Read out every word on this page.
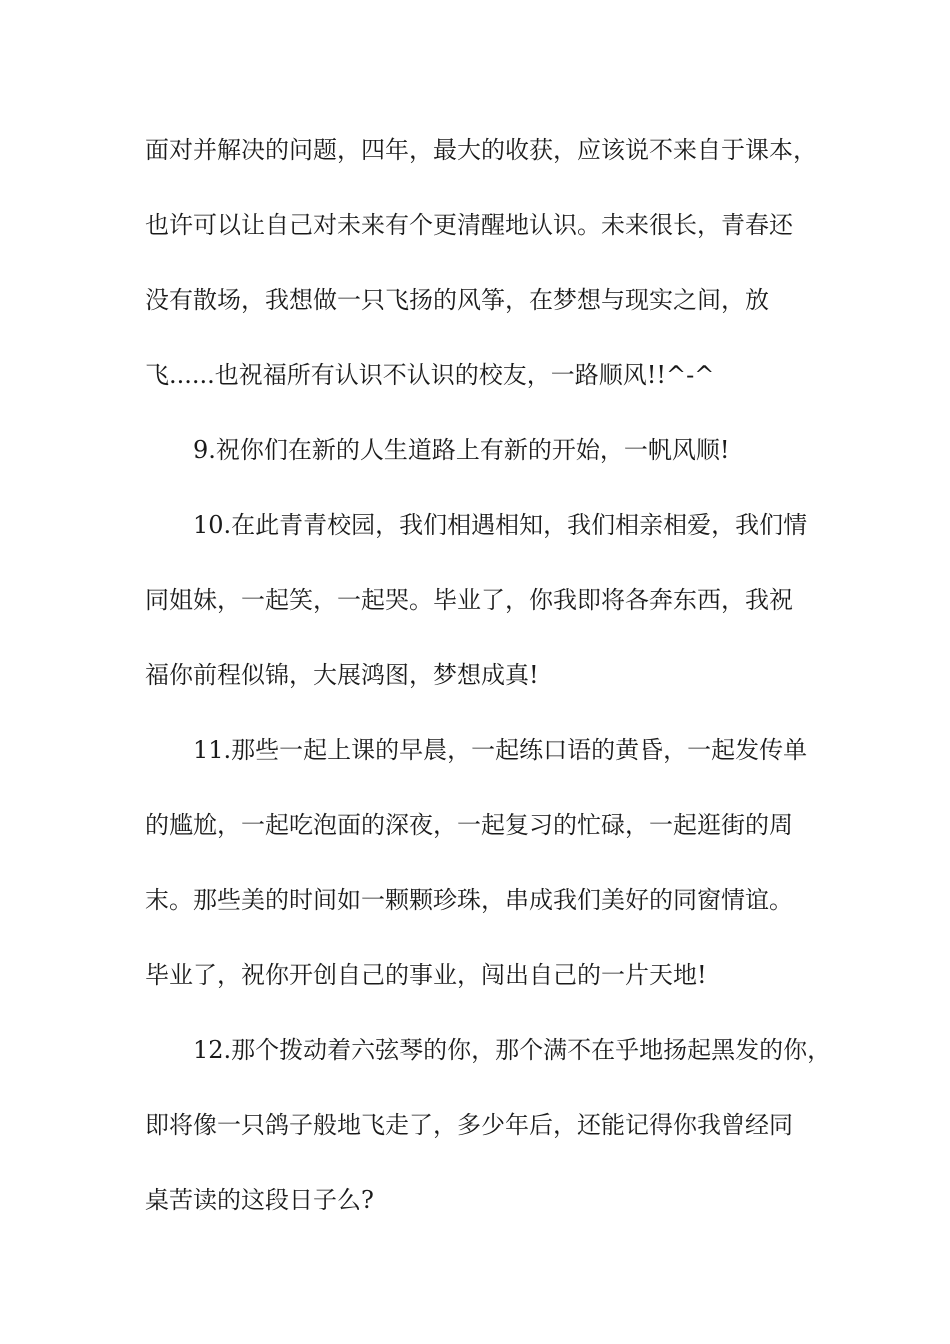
面对并解决的问题，四年，最大的收获，应该说不来自于课本，

也许可以让自己对未来有个更清醒地认识。未来很长，青春还

没有散场，我想做一只飞扬的风筝，在梦想与现实之间，放

飞......也祝福所有认识不认识的校友，一路顺风!!^-^

9.祝你们在新的人生道路上有新的开始，一帆风顺!

10.在此青青校园，我们相遇相知，我们相亲相爱，我们情

同姐妹，一起笑，一起哭。毕业了，你我即将各奔东西，我祝

福你前程似锦，大展鸿图，梦想成真!

11.那些一起上课的早晨，一起练口语的黄昏，一起发传单

的尴尬，一起吃泡面的深夜，一起复习的忙碌，一起逛街的周

末。那些美的时间如一颗颗珍珠，串成我们美好的同窗情谊。

毕业了，祝你开创自己的事业，闯出自己的一片天地!

12.那个拨动着六弦琴的你，那个满不在乎地扬起黑发的你，

即将像一只鸽子般地飞走了，多少年后，还能记得你我曾经同

桌苦读的这段日子么?
